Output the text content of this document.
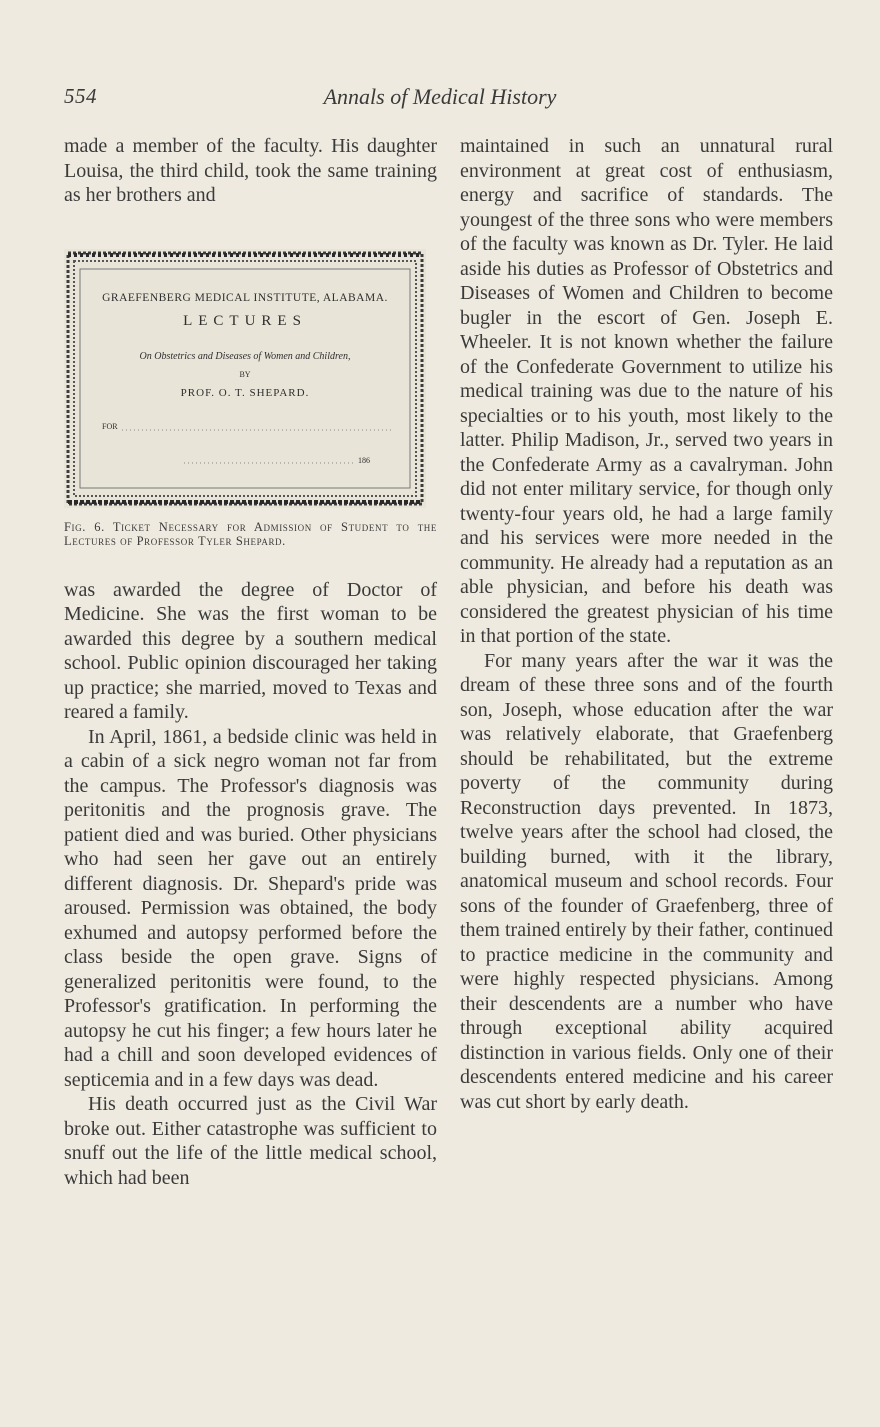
554	Annals of Medical History

made a member of the faculty. His daughter Louisa, the third child, took the same training as her brothers and

GRAEFENBERG MEDICAL INSTITUTE, ALABAMA.
LECTURES
On Obstetrics and Diseases of Women and Children,
BY
PROF. O. T. SHEPARD.
FOR
186
Fig. 6. Ticket Necessary for Admission of Student to the Lectures of Professor Tyler Shepard.

was awarded the degree of Doctor of Medicine. She was the first woman to be awarded this degree by a southern medical school. Public opinion discouraged her taking up practice; she married, moved to Texas and reared a family.

In April, 1861, a bedside clinic was held in a cabin of a sick negro woman not far from the campus. The Professor's diagnosis was peritonitis and the prognosis grave. The patient died and was buried. Other physicians who had seen her gave out an entirely different diagnosis. Dr. Shepard's pride was aroused. Permission was obtained, the body exhumed and autopsy performed before the class beside the open grave. Signs of generalized peritonitis were found, to the Professor's gratification. In performing the autopsy he cut his finger; a few hours later he had a chill and soon developed evidences of septicemia and in a few days was dead.

His death occurred just as the Civil War broke out. Either catastrophe was sufficient to snuff out the life of the little medical school, which had been

maintained in such an unnatural rural environment at great cost of enthusiasm, energy and sacrifice of standards. The youngest of the three sons who were members of the faculty was known as Dr. Tyler. He laid aside his duties as Professor of Obstetrics and Diseases of Women and Children to become bugler in the escort of Gen. Joseph E. Wheeler. It is not known whether the failure of the Confederate Government to utilize his medical training was due to the nature of his specialties or to his youth, most likely to the latter. Philip Madison, Jr., served two years in the Confederate Army as a cavalryman. John did not enter military service, for though only twenty-four years old, he had a large family and his services were more needed in the community. He already had a reputation as an able physician, and before his death was considered the greatest physician of his time in that portion of the state.

For many years after the war it was the dream of these three sons and of the fourth son, Joseph, whose education after the war was relatively elaborate, that Graefenberg should be rehabilitated, but the extreme poverty of the community during Reconstruction days prevented. In 1873, twelve years after the school had closed, the building burned, with it the library, anatomical museum and school records. Four sons of the founder of Graefenberg, three of them trained entirely by their father, continued to practice medicine in the community and were highly respected physicians. Among their descendents are a number who have through exceptional ability acquired distinction in various fields. Only one of their descendents entered medicine and his career was cut short by early death.
